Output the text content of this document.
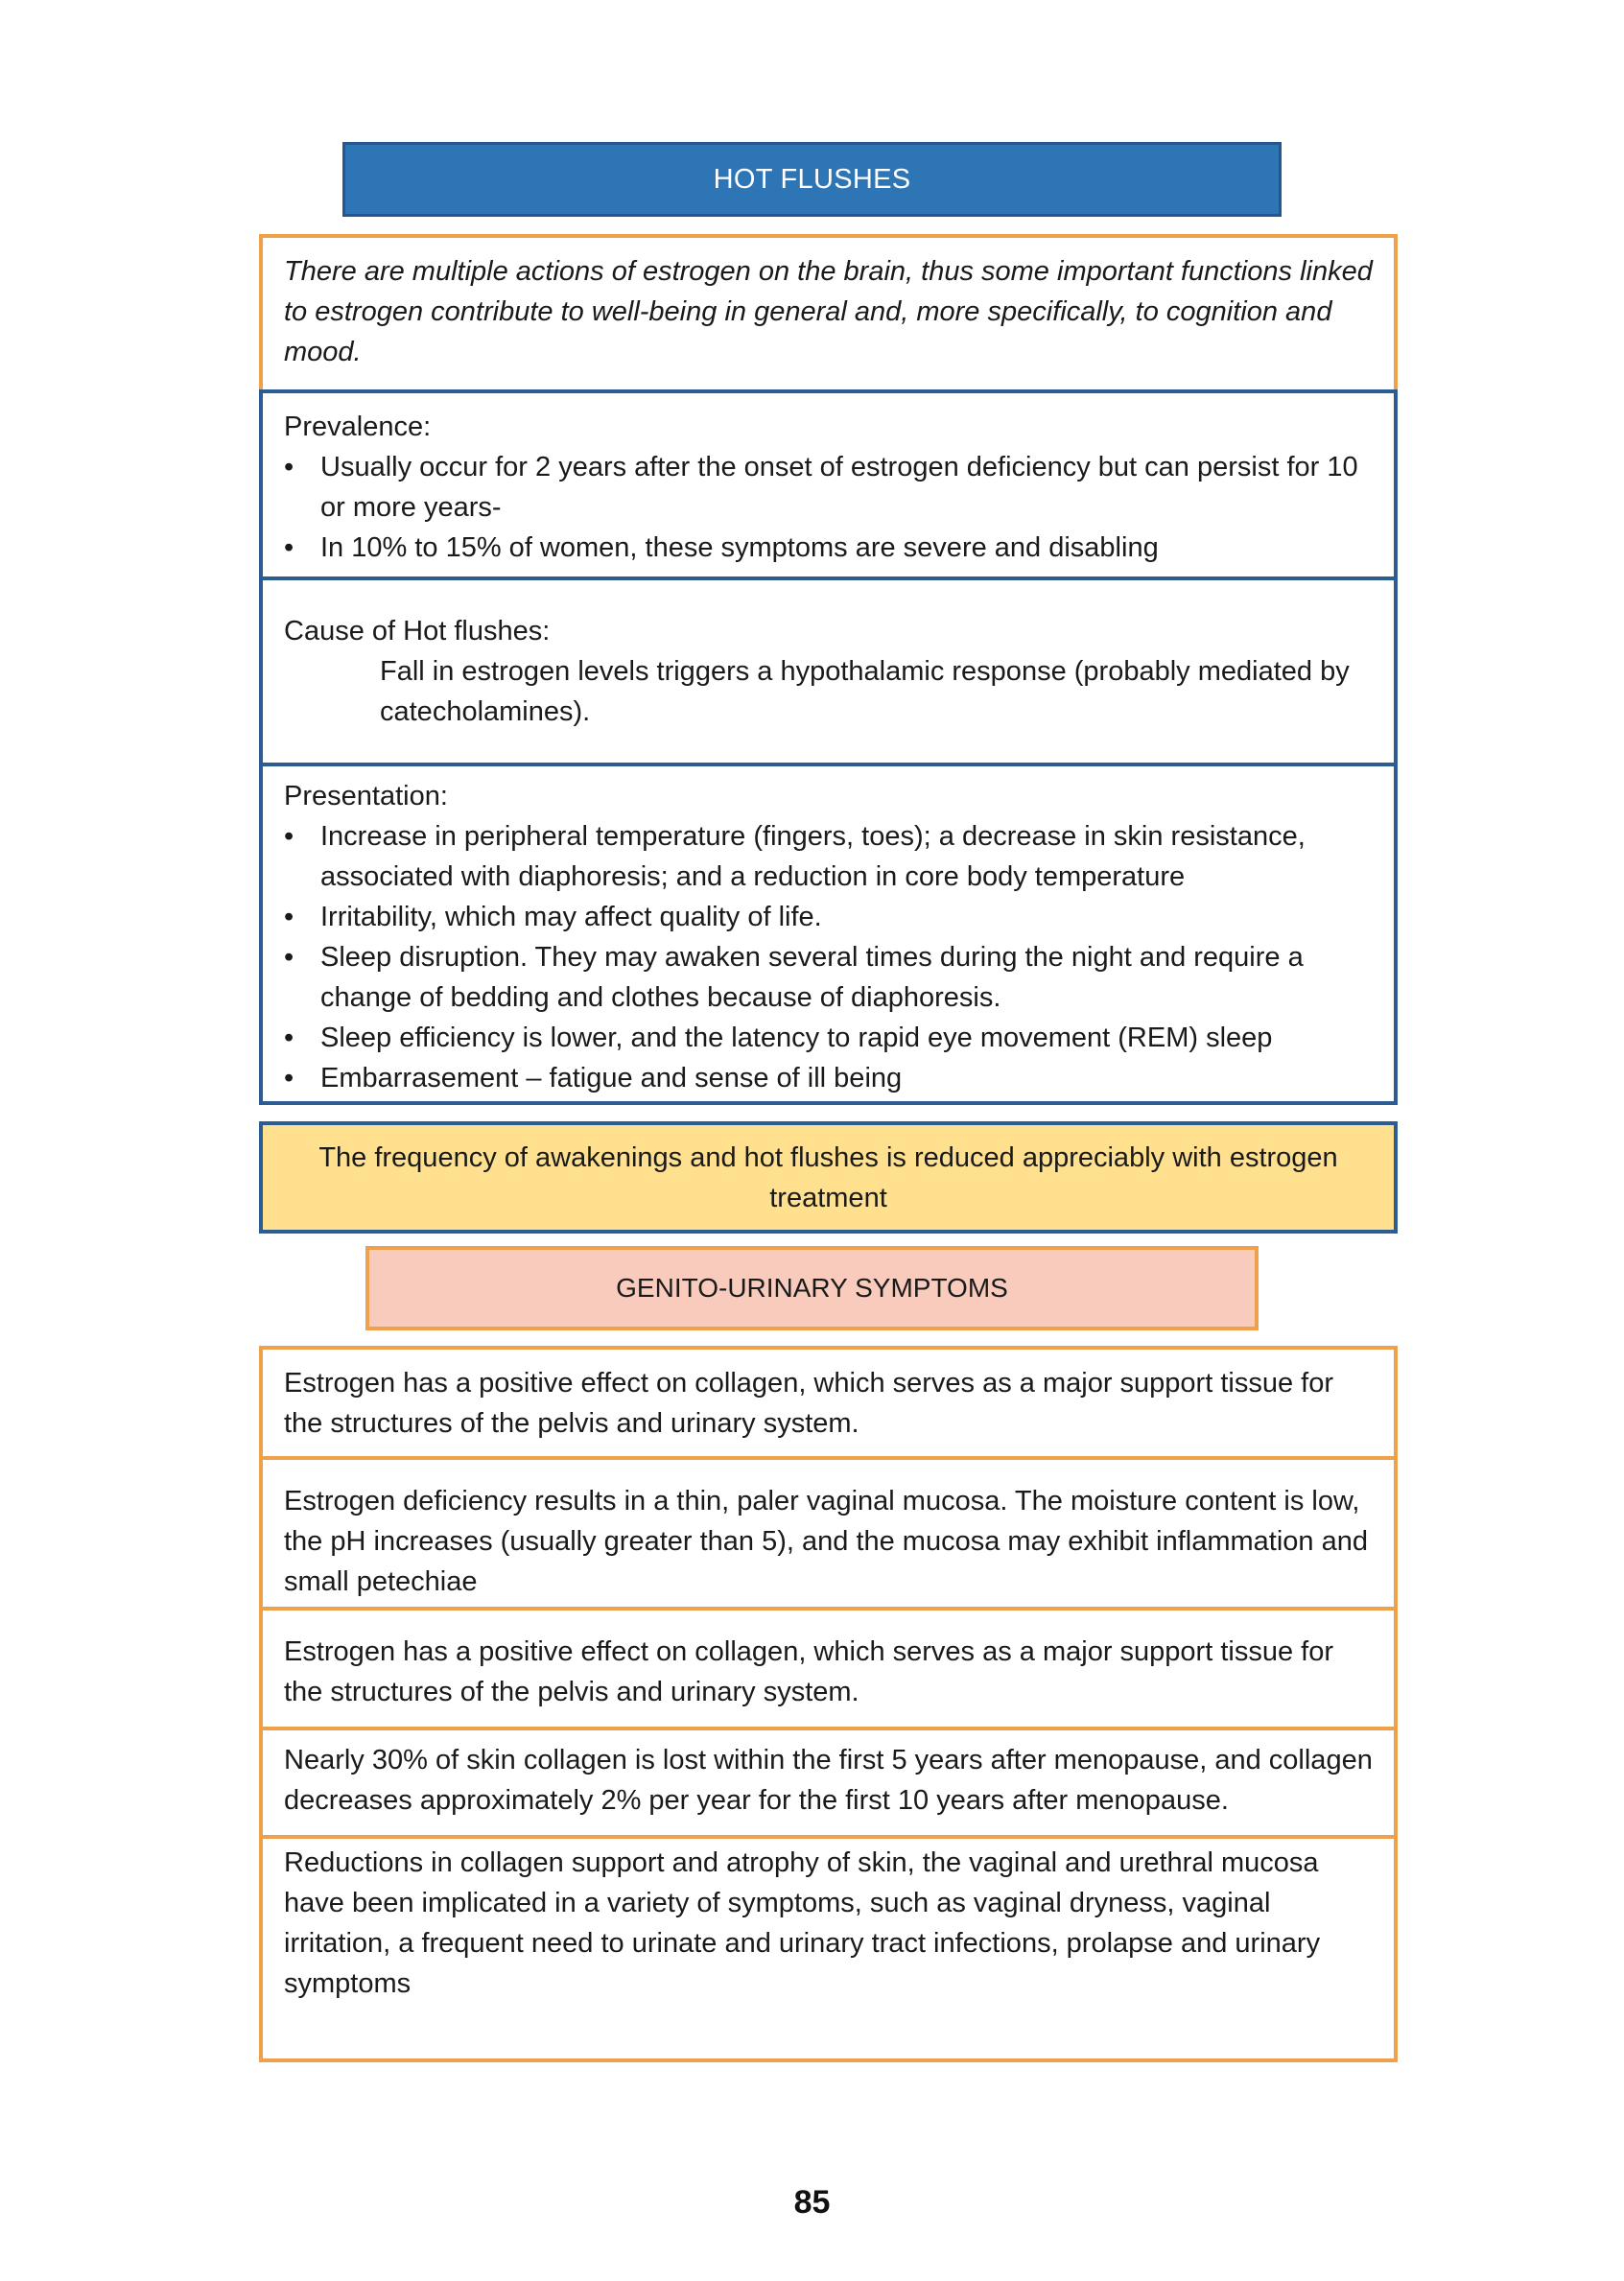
HOT FLUSHES
There are multiple actions of estrogen on the brain, thus some important functions linked to estrogen contribute to well-being in general and, more specifically, to cognition and mood.
Prevalence:
• Usually occur for 2 years after the onset of estrogen deficiency but can persist for 10 or more years-
• In 10% to 15% of women, these symptoms are severe and disabling
Cause of Hot flushes:
Fall in estrogen levels triggers a hypothalamic response (probably mediated by catecholamines).
Presentation:
• Increase in peripheral temperature (fingers, toes); a decrease in skin resistance, associated with diaphoresis; and a reduction in core body temperature
• Irritability, which may affect quality of life.
• Sleep disruption. They may awaken several times during the night and require a change of bedding and clothes because of diaphoresis.
• Sleep efficiency is lower, and the latency to rapid eye movement (REM) sleep
• Embarrasement – fatigue and sense of ill being
The frequency of awakenings and hot flushes is reduced appreciably with estrogen treatment
GENITO-URINARY SYMPTOMS
Estrogen has a positive effect on collagen, which serves as a major support tissue for the structures of the pelvis and urinary system.
Estrogen deficiency results in a thin, paler vaginal mucosa. The moisture content is low, the pH increases (usually greater than 5), and the mucosa may exhibit inflammation and small petechiae
Estrogen has a positive effect on collagen, which serves as a major support tissue for the structures of the pelvis and urinary system.
Nearly 30% of skin collagen is lost within the first 5 years after menopause, and collagen decreases approximately 2% per year for the first 10 years after menopause.
Reductions in collagen support and atrophy of skin, the vaginal and urethral mucosa have been implicated in a variety of symptoms, such as vaginal dryness, vaginal irritation, a frequent need to urinate and urinary tract infections, prolapse and urinary symptoms
85
